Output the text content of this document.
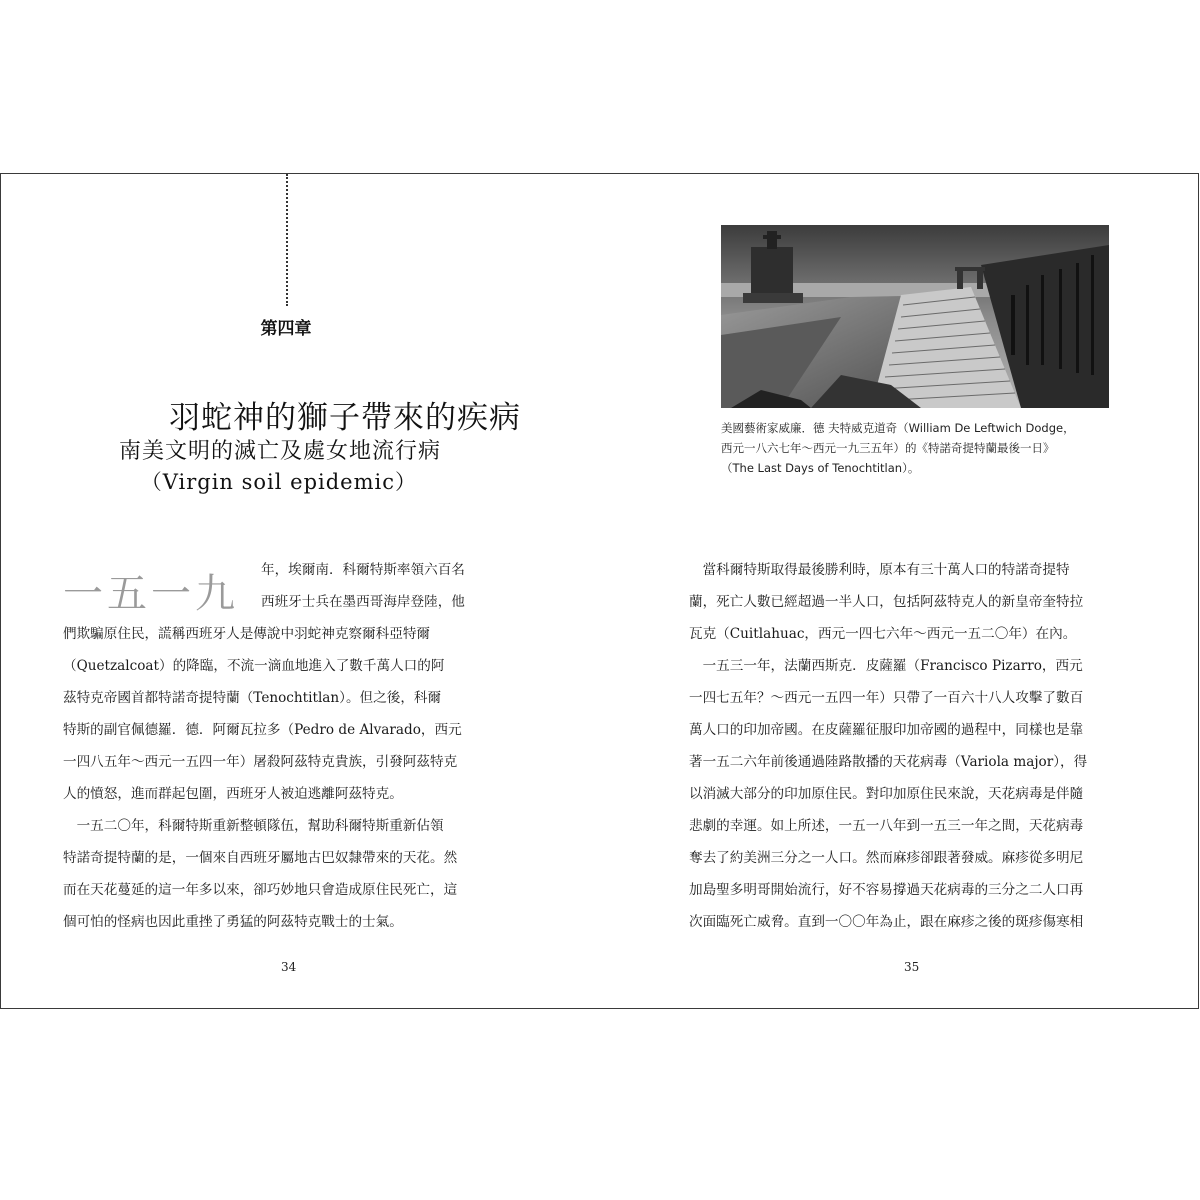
第四章
羽蛇神的獅子帶來的疾病
南美文明的滅亡及處女地流行病
（Virgin soil epidemic）
一五一九
年，埃爾南．科爾特斯率領六百名
西班牙士兵在墨西哥海岸登陸，他
們欺騙原住民，謊稱西班牙人是傳說中羽蛇神克察爾科亞特爾
（Quetzalcoat）的降臨，不流一滴血地進入了數千萬人口的阿
茲特克帝國首都特諾奇提特蘭（Tenochtitlan）。但之後，科爾
特斯的副官佩德羅．德．阿爾瓦拉多（Pedro de Alvarado，西元
一四八五年～西元一五四一年）屠殺阿茲特克貴族，引發阿茲特克
人的憤怒，進而群起包圍，西班牙人被迫逃離阿茲特克。
　一五二〇年，科爾特斯重新整頓隊伍，幫助科爾特斯重新佔領
特諾奇提特蘭的是，一個來自西班牙屬地古巴奴隸帶來的天花。然
而在天花蔓延的這一年多以來，卻巧妙地只會造成原住民死亡，這
個可怕的怪病也因此重挫了勇猛的阿茲特克戰士的士氣。
34
美國藝術家威廉．德 夫特威克道奇（William De Leftwich Dodge，
西元一八六七年～西元一九三五年）的《特諾奇提特蘭最後一日》
（The Last Days of Tenochtitlan）。
　當科爾特斯取得最後勝利時，原本有三十萬人口的特諾奇提特
蘭，死亡人數已經超過一半人口，包括阿茲特克人的新皇帝奎特拉
瓦克（Cuitlahuac，西元一四七六年～西元一五二〇年）在內。
　一五三一年，法蘭西斯克．皮薩羅（Francisco Pizarro，西元
一四七五年？～西元一五四一年）只帶了一百六十八人攻擊了數百
萬人口的印加帝國。在皮薩羅征服印加帝國的過程中，同樣也是靠
著一五二六年前後通過陸路散播的天花病毒（Variola major），得
以消滅大部分的印加原住民。對印加原住民來說，天花病毒是伴隨
悲劇的幸運。如上所述，一五一八年到一五三一年之間，天花病毒
奪去了約美洲三分之一人口。然而麻疹卻跟著發威。麻疹從多明尼
加島聖多明哥開始流行，好不容易撐過天花病毒的三分之二人口再
次面臨死亡威脅。直到一〇〇年為止，跟在麻疹之後的斑疹傷寒相
35
